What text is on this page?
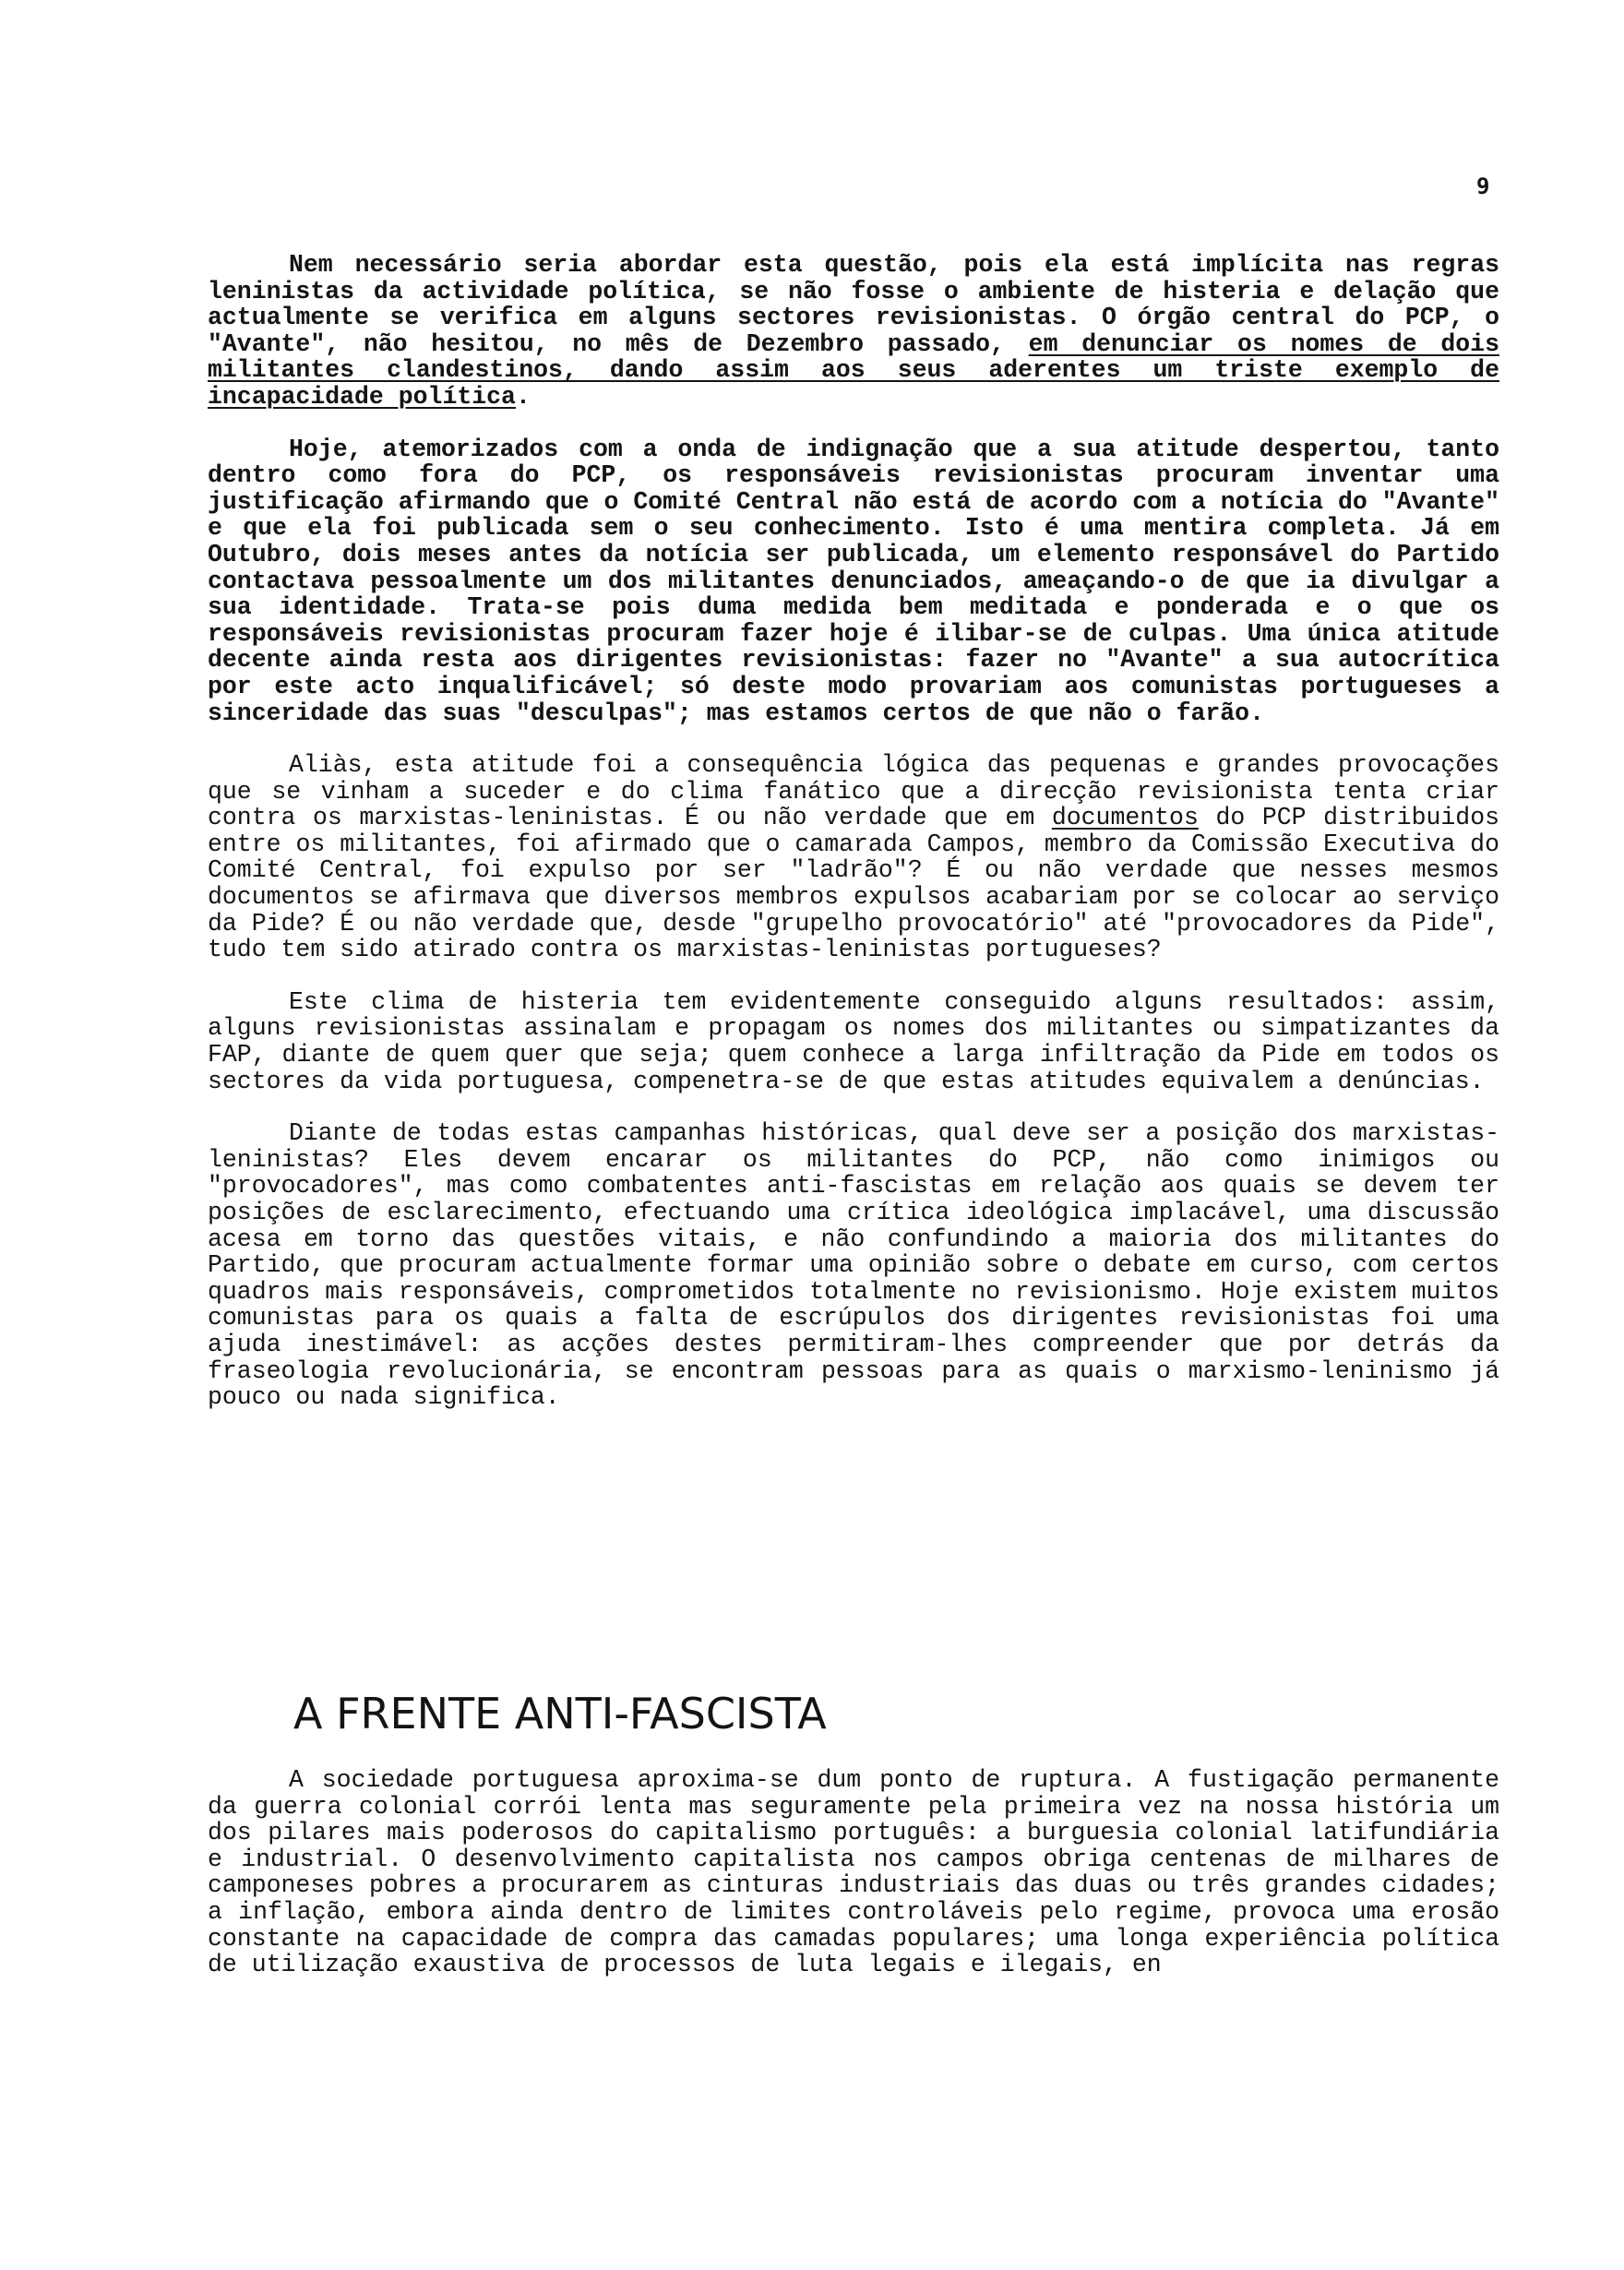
9

Nem necessário seria abordar esta questão, pois ela está implícita nas regras leninistas da actividade política, se não fosse o ambiente de histeria e delação que actualmente se verifica em alguns sectores revisionistas. O órgão central do PCP, o "Avante", não hesitou, no mês de Dezembro passado, em denunciar os nomes de dois militantes clandestinos, dando assim aos seus aderentes um triste exemplo de incapacidade política.

Hoje, atemorizados com a onda de indignação que a sua atitude despertou, tanto dentro como fora do PCP, os responsáveis revisionistas procuram inventar uma justificação afirmando que o Comité Central não está de acordo com a notícia do "Avante" e que ela foi publicada sem o seu conhecimento. Isto é uma mentira completa. Já em Outubro, dois meses antes da notícia ser publicada, um elemento responsável do Partido contactava pessoalmente um dos militantes denunciados, ameaçando-o de que ia divulgar a sua identidade. Trata-se pois duma medida bem meditada e ponderada e o que os responsáveis revisionistas procuram fazer hoje é ilibar-se de culpas. Uma única atitude decente ainda resta aos dirigentes revisionistas: fazer no "Avante" a sua autocrítica por este acto inqualificável; só deste modo provariam aos comunistas portugueses a sinceridade das suas "desculpas"; mas estamos certos de que não o farão.

Aliàs, esta atitude foi a consequência lógica das pequenas e grandes provocações que se vinham a suceder e do clima fanático que a direcção revisionista tenta criar contra os marxistas-leninistas. É ou não verdade que em documentos do PCP distribuidos entre os militantes, foi afirmado que o camarada Campos, membro da Comissão Executiva do Comité Central, foi expulso por ser "ladrão"? É ou não verdade que nesses mesmos documentos se afirmava que diversos membros expulsos acabariam por se colocar ao serviço da Pide? É ou não verdade que, desde "grupelho provocatório" até "provocadores da Pide", tudo tem sido atirado contra os marxistas-leninistas portugueses?

Este clima de histeria tem evidentemente conseguido alguns resultados: assim, alguns revisionistas assinalam e propagam os nomes dos militantes ou simpatizantes da FAP, diante de quem quer que seja; quem conhece a larga infiltração da Pide em todos os sectores da vida portuguesa, compenetra-se de que estas atitudes equivalem a denúncias.

Diante de todas estas campanhas históricas, qual deve ser a posição dos marxistas-leninistas? Eles devem encarar os militantes do PCP, não como inimigos ou "provocadores", mas como combatentes anti-fascistas em relação aos quais se devem ter posições de esclarecimento, efectuando uma crítica ideológica implacável, uma discussão acesa em torno das questões vitais, e não confundindo a maioria dos militantes do Partido, que procuram actualmente formar uma opinião sobre o debate em curso, com certos quadros mais responsáveis, comprometidos totalmente no revisionismo. Hoje existem muitos comunistas para os quais a falta de escrúpulos dos dirigentes revisionistas foi uma ajuda inestimável: as acções destes permitiram-lhes compreender que por detrás da fraseologia revolucionária, se encontram pessoas para as quais o marxismo-leninismo já pouco ou nada significa.

A FRENTE ANTI-FASCISTA

A sociedade portuguesa aproxima-se dum ponto de ruptura. A fustigação permanente da guerra colonial corrói lenta mas seguramente pela primeira vez na nossa história um dos pilares mais poderosos do capitalismo português: a burguesia colonial latifundiária e industrial. O desenvolvimento capitalista nos campos obriga centenas de milhares de camponeses pobres a procurarem as cinturas industriais das duas ou três grandes cidades; a inflação, embora ainda dentro de limites controláveis pelo regime, provoca uma erosão constante na capacidade de compra das camadas populares; uma longa experiência política de utilização exaustiva de processos de luta legais e ilegais, en
